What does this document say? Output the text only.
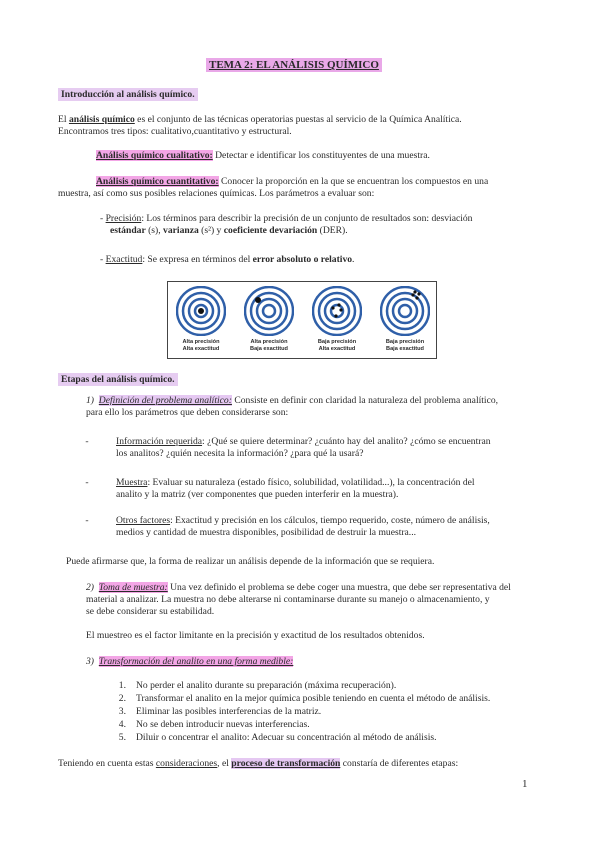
TEMA 2: EL ANÁLISIS QUÍMICO
Introducción al análisis químico.
El análisis químico es el conjunto de las técnicas operatorias puestas al servicio de la Química Analítica.
Encontramos tres tipos: cualitativo,cuantitativo y estructural.
Análisis químico cualitativo: Detectar e identificar los constituyentes de una muestra.
Análisis químico cuantitativo: Conocer la proporción en la que se encuentran los compuestos en una
muestra, así como sus posibles relaciones químicas. Los parámetros a evaluar son:
- Precisión: Los términos para describir la precisión de un conjunto de resultados son: desviación
estándar (s), varianza (s²) y coeficiente devariación (DER).
- Exactitud: Se expresa en términos del error absoluto o relativo.
Alta precisión
Alta exactitud
Alta precisión
Baja exactitud
Baja precisión
Alta exactitud
Baja precisión
Baja exactitud
Etapas del análisis químico.
1) Definición del problema analítico: Consiste en definir con claridad la naturaleza del problema analítico,
para ello los parámetros que deben considerarse son:
-	Información requerida: ¿Qué se quiere determinar? ¿cuánto hay del analito? ¿cómo se encuentran
los analitos? ¿quién necesita la información? ¿para qué la usará?
-	Muestra: Evaluar su naturaleza (estado físico, solubilidad, volatilidad...), la concentración del
analito y la matriz (ver componentes que pueden interferir en la muestra).
-	Otros factores: Exactitud y precisión en los cálculos, tiempo requerido, coste, número de análisis,
medios y cantidad de muestra disponibles, posibilidad de destruir la muestra...
Puede afirmarse que, la forma de realizar un análisis depende de la información que se requiera.
2) Toma de muestra: Una vez definido el problema se debe coger una muestra, que debe ser representativa del
material a analizar. La muestra no debe alterarse ni contaminarse durante su manejo o almacenamiento, y
se debe considerar su estabilidad.
El muestreo es el factor limitante en la precisión y exactitud de los resultados obtenidos.
3) Transformación del analito en una forma medible:
1.	No perder el analito durante su preparación (máxima recuperación).
2.	Transformar el analito en la mejor química posible teniendo en cuenta el método de análisis.
3.	Eliminar las posibles interferencias de la matriz.
4.	No se deben introducir nuevas interferencias.
5.	Diluir o concentrar el analito: Adecuar su concentración al método de análisis.
Teniendo en cuenta estas consideraciones, el proceso de transformación constaría de diferentes etapas:
1
